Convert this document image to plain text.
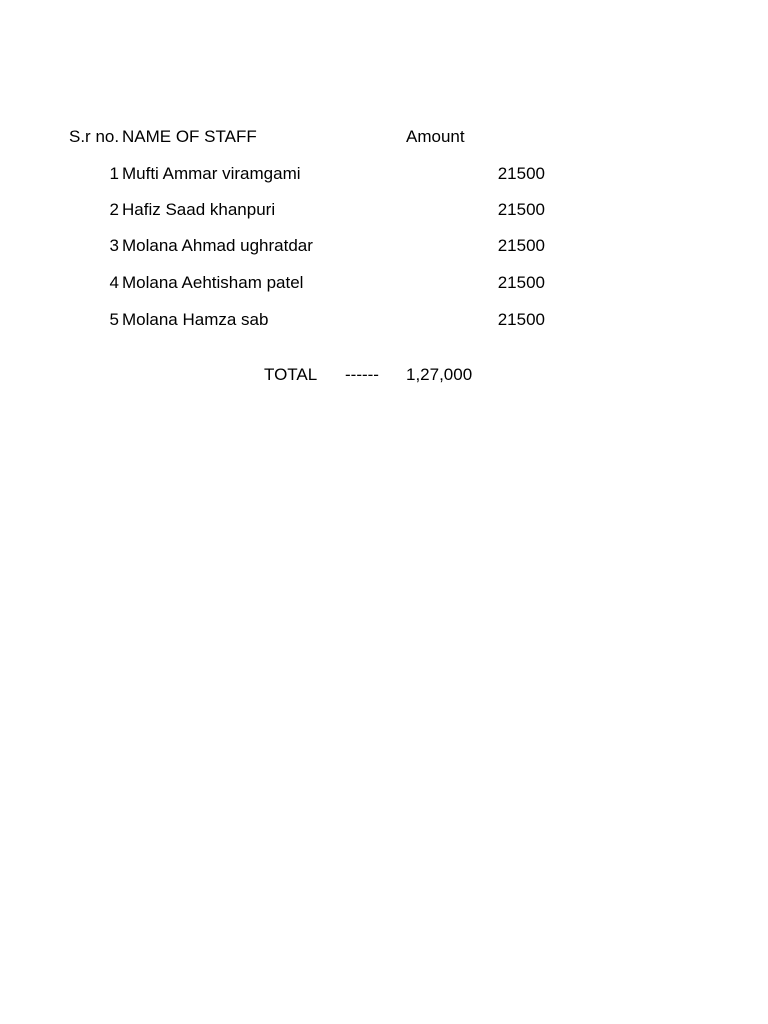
S.r no. NAME OF STAFF	Amount
1 Mufti Ammar viramgami	21500
2 Hafiz Saad khanpuri	21500
3 Molana Ahmad ughratdar	21500
4 Molana Aehtisham patel	21500
5 Molana Hamza sab	21500
TOTAL ------ 1,27,000
